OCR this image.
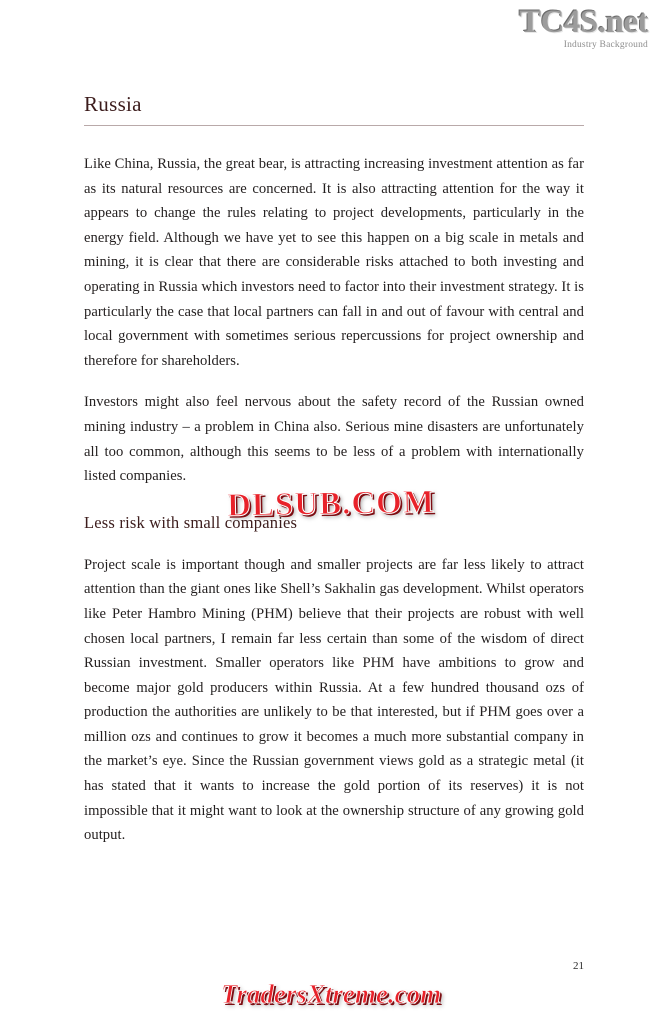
TC4S.net
Industry Background
Russia

Like China, Russia, the great bear, is attracting increasing investment attention as far as its natural resources are concerned. It is also attracting attention for the way it appears to change the rules relating to project developments, particularly in the energy field. Although we have yet to see this happen on a big scale in metals and mining, it is clear that there are considerable risks attached to both investing and operating in Russia which investors need to factor into their investment strategy. It is particularly the case that local partners can fall in and out of favour with central and local government with sometimes serious repercussions for project ownership and therefore for shareholders.

Investors might also feel nervous about the safety record of the Russian owned mining industry – a problem in China also. Serious mine disasters are unfortunately all too common, although this seems to be less of a problem with internationally listed companies.

Less risk with small companies

Project scale is important though and smaller projects are far less likely to attract attention than the giant ones like Shell’s Sakhalin gas development. Whilst operators like Peter Hambro Mining (PHM) believe that their projects are robust with well chosen local partners, I remain far less certain than some of the wisdom of direct Russian investment. Smaller operators like PHM have ambitions to grow and become major gold producers within Russia. At a few hundred thousand ozs of production the authorities are unlikely to be that interested, but if PHM goes over a million ozs and continues to grow it becomes a much more substantial company in the market’s eye. Since the Russian government views gold as a strategic metal (it has stated that it wants to increase the gold portion of its reserves) it is not impossible that it might want to look at the ownership structure of any growing gold output.

DLSUB.COM
21
TradersXtreme.com
